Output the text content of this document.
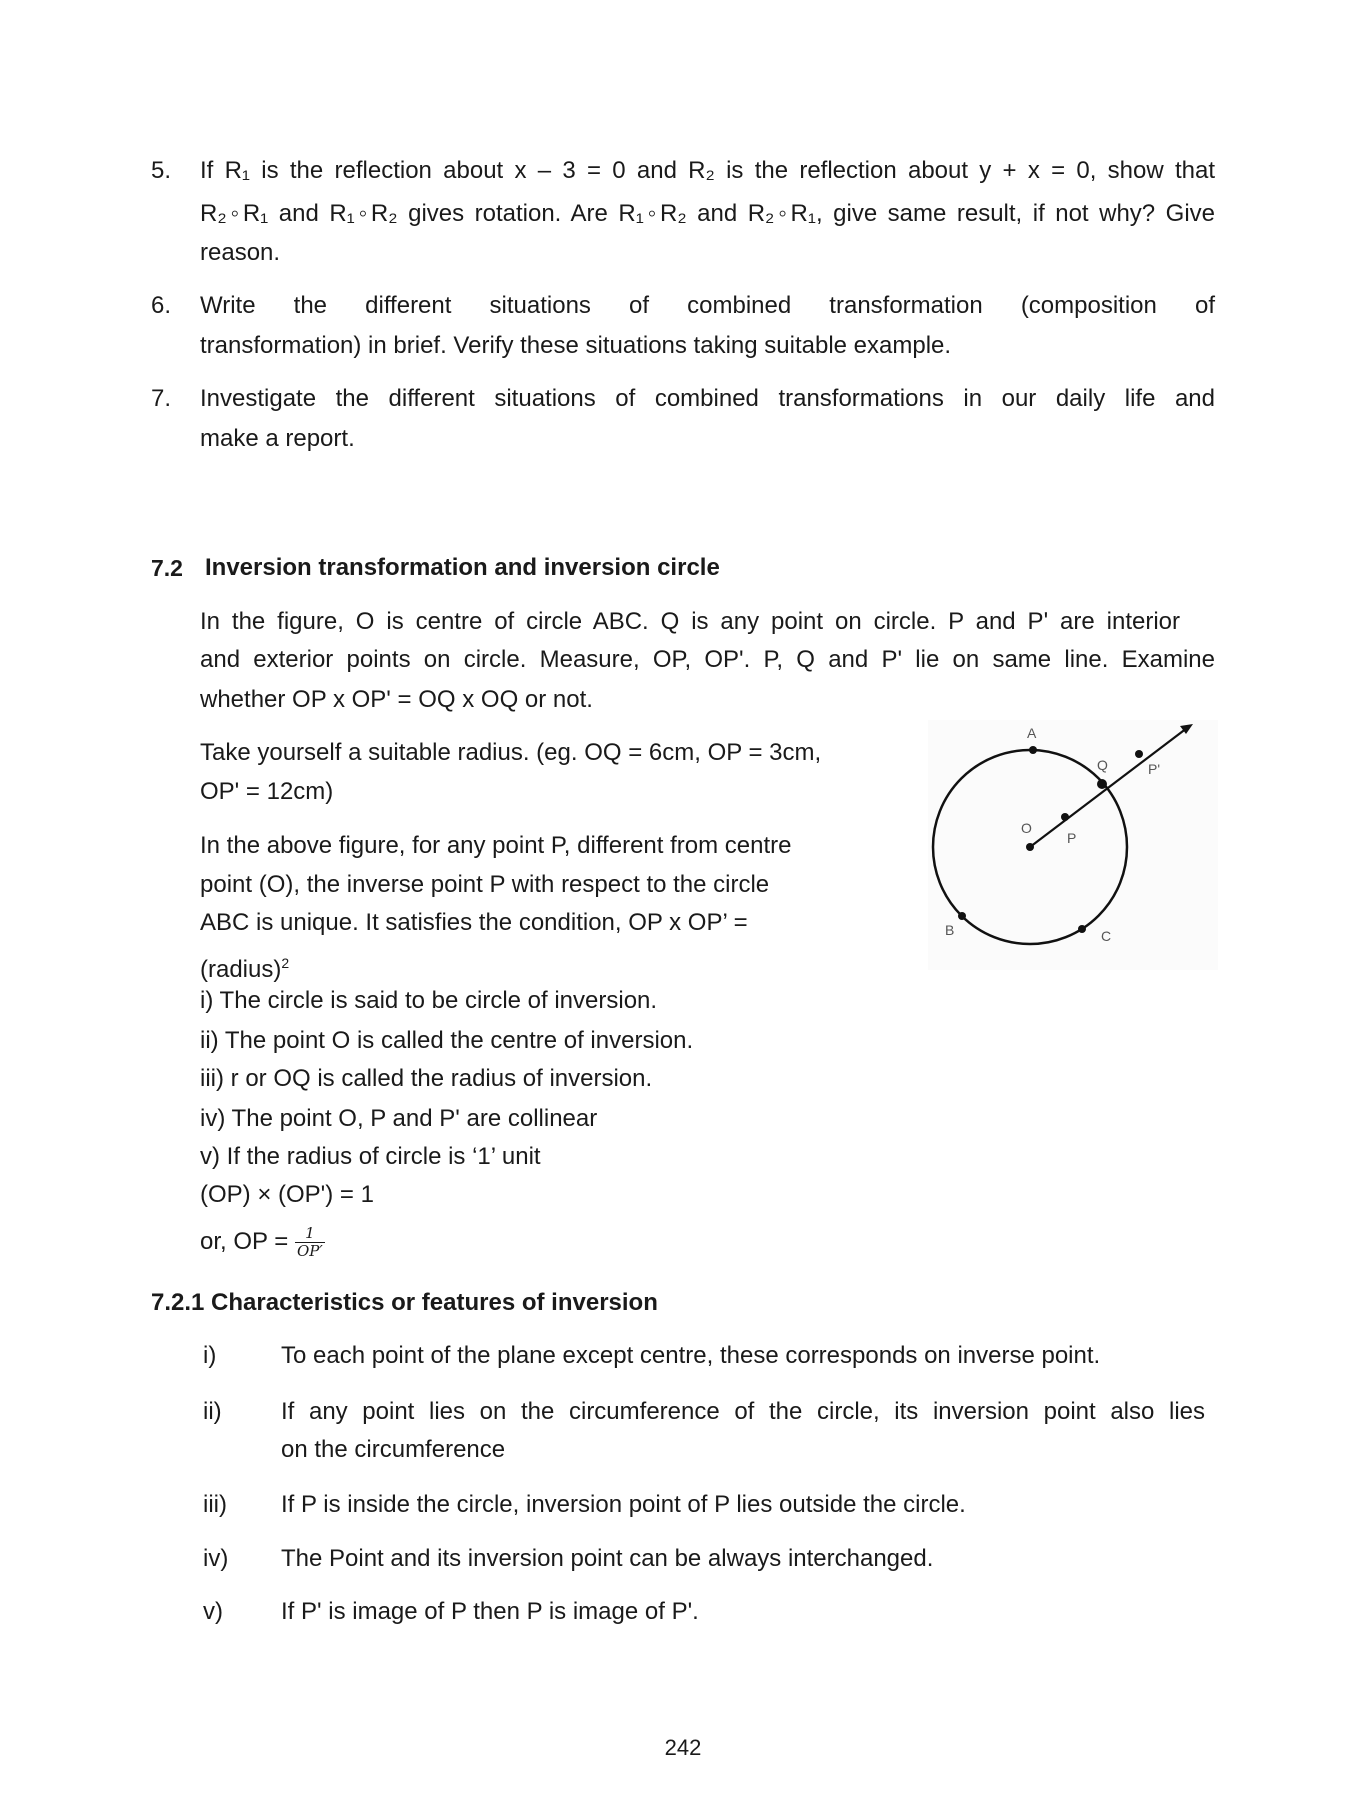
5. If R₁ is the reflection about x – 3 = 0 and R₂ is the reflection about y + x = 0, show that
R₂◦R₁ and R₁◦R₂ gives rotation. Are R₁◦R₂ and R₂◦R₁, give same result, if not why? Give
reason.
6. Write the different situations of combined transformation (composition of
transformation) in brief. Verify these situations taking suitable example.
7. Investigate the different situations of combined transformations in our daily life and
make a report.
7.2 Inversion transformation and inversion circle
In the figure, O is centre of circle ABC. Q is any point on circle. P and Pʹ are interior
and exterior points on circle. Measure, OP, OP'. P, Q and P' lie on same line. Examine
whether OP x OP' = OQ x OQ or not.
Take yourself a suitable radius. (eg. OQ = 6cm, OP = 3cm,
OP' = 12cm)
In the above figure, for any point P, different from centre
point (O), the inverse point P with respect to the circle
ABC is unique. It satisfies the condition, OP x OP’ =
(radius)$^2$
i) The circle is said to be circle of inversion.
ii) The point O is called the centre of inversion.
iii) r or OQ is called the radius of inversion.
iv) The point O, P and P' are collinear
v) If the radius of circle is ‘1’ unit
(OP) × (OP') = 1
or, OP = $\frac{1}{OP'}$
A
Q	P'
O
P
B	C
7.2.1 Characteristics or features of inversion
i)	To each point of the plane except centre, these corresponds on inverse point.
ii) If any point lies on the circumference of the circle, its inversion point also lies
on the circumference
iii) If P is inside the circle, inversion point of P lies outside the circle.
iv) The Point and its inversion point can be always interchanged.
v) If P' is image of P then P is image of P'.
242
